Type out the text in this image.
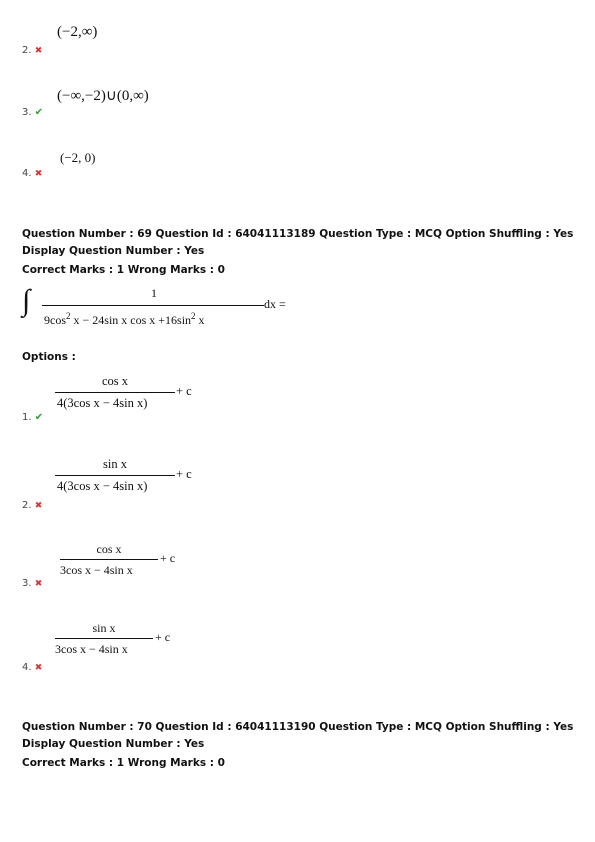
(−2,∞)
2. ✖
(−∞,−2)∪(0,∞)
3. ✔
(−2, 0)
4. ✖
Question Number : 69 Question Id : 64041113189 Question Type : MCQ Option Shuffling : Yes
Display Question Number : Yes
Correct Marks : 1 Wrong Marks : 0
∫	1
$9\cos^2$ x − 24sin x $\cos x +16\sin^2$ x
dx =
Options :
cos x
4(3cos x − 4sin x)
+ c
1. ✔
sin x
4(3cos x − 4sin x)
+ c
2. ✖
cos x
3cos x − 4sin x
+ c
3. ✖
sin x
3cos x − 4sin x
+ c
4. ✖
Question Number : 70 Question Id : 64041113190 Question Type : MCQ Option Shuffling : Yes
Display Question Number : Yes
Correct Marks : 1 Wrong Marks : 0
